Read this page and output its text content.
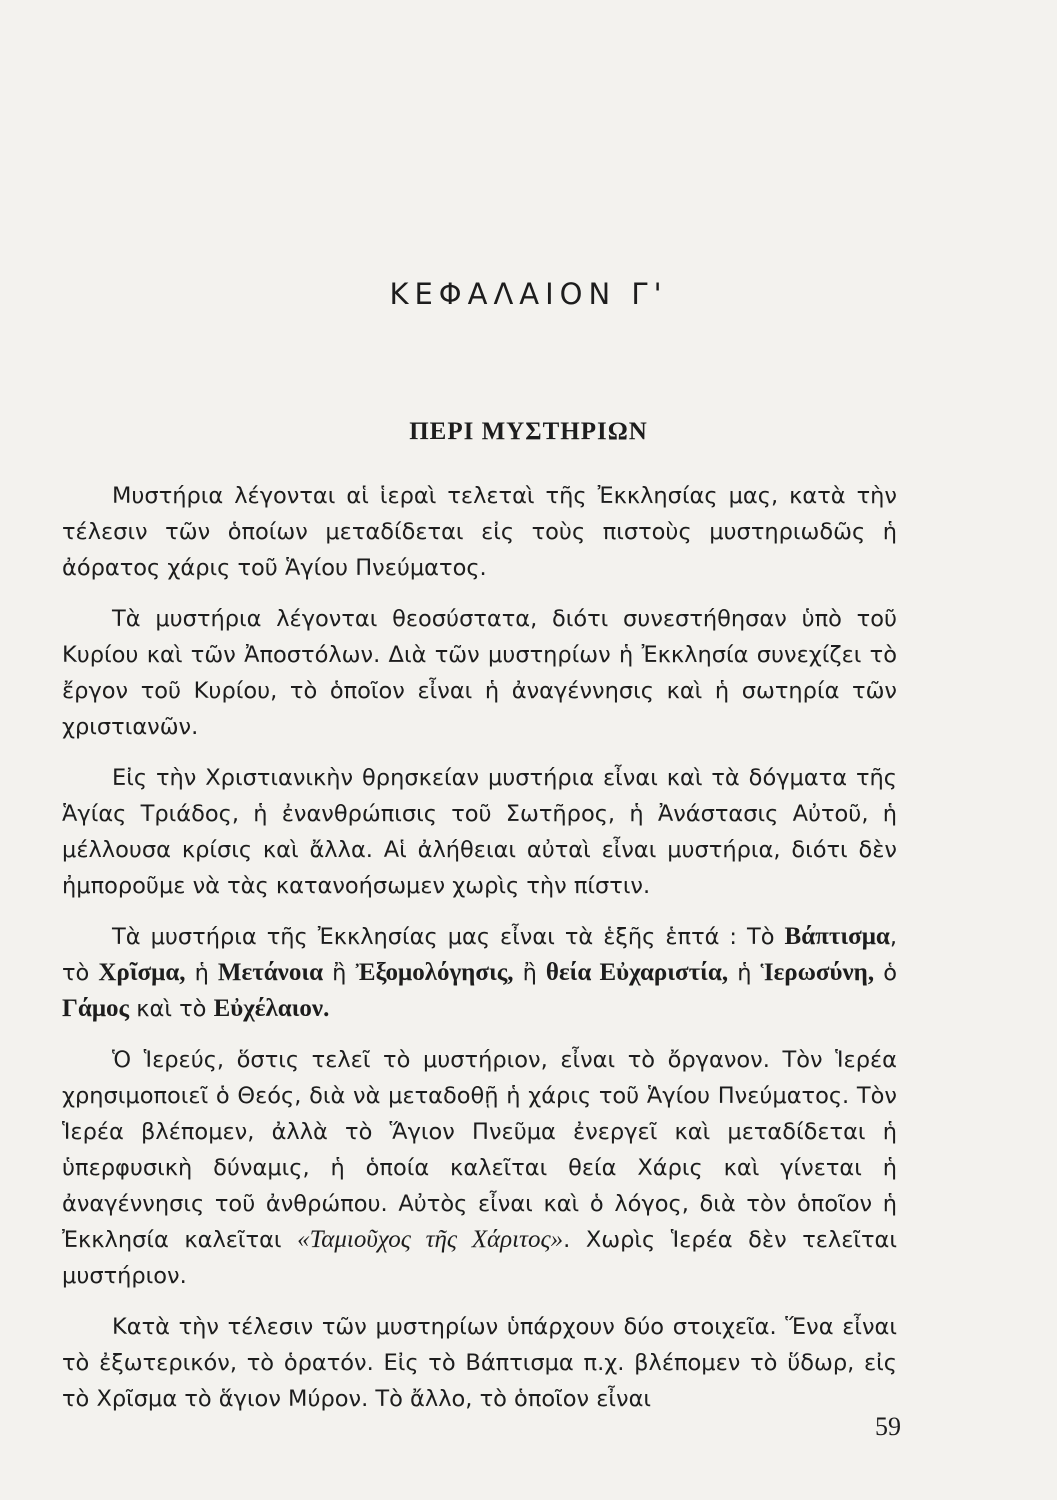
ΚΕΦΑΛΑΙΟΝ Γ'
ΠΕΡΙ ΜΥΣΤΗΡΙΩΝ

Μυστήρια λέγονται αἱ ἱεραὶ τελεταὶ τῆς Ἐκκλησίας μας, κατὰ τὴν τέλεσιν τῶν ὁποίων μεταδίδεται εἰς τοὺς πιστοὺς μυστηριωδῶς ἡ ἀόρατος χάρις τοῦ Ἁγίου Πνεύματος.

Τὰ μυστήρια λέγονται θεοσύστατα, διότι συνεστήθησαν ὑπὸ τοῦ Κυρίου καὶ τῶν Ἀποστόλων. Διὰ τῶν μυστηρίων ἡ Ἐκκλησία συνεχίζει τὸ ἔργον τοῦ Κυρίου, τὸ ὁποῖον εἶναι ἡ ἀναγέννησις καὶ ἡ σωτηρία τῶν χριστιανῶν.

Εἰς τὴν Χριστιανικὴν θρησκείαν μυστήρια εἶναι καὶ τὰ δόγματα τῆς Ἁγίας Τριάδος, ἡ ἐνανθρώπισις τοῦ Σωτῆρος, ἡ Ἀνάστασις Αὐτοῦ, ἡ μέλλουσα κρίσις καὶ ἄλλα. Αἱ ἀλήθειαι αὐταὶ εἶναι μυστήρια, διότι δὲν ἠμποροῦμε νὰ τὰς κατανοήσωμεν χωρὶς τὴν πίστιν.

Τὰ μυστήρια τῆς Ἐκκλησίας μας εἶναι τὰ ἑξῆς ἑπτά : Τὸ Βάπτισμα, τὸ Χρῖσμα, ἡ Μετάνοια ἢ Ἐξομολόγησις, ἢ θεία Εὐχαριστία, ἡ Ἱερωσύνη, ὁ Γάμος καὶ τὸ Εὐχέλαιον.

Ὁ Ἱερεύς, ὅστις τελεῖ τὸ μυστήριον, εἶναι τὸ ὄργανον. Τὸν Ἱερέα χρησιμοποιεῖ ὁ Θεός, διὰ νὰ μεταδοθῇ ἡ χάρις τοῦ Ἁγίου Πνεύματος. Τὸν Ἱερέα βλέπομεν, ἀλλὰ τὸ Ἅγιον Πνεῦμα ἐνεργεῖ καὶ μεταδίδεται ἡ ὑπερφυσικὴ δύναμις, ἡ ὁποία καλεῖται θεία Χάρις καὶ γίνεται ἡ ἀναγέννησις τοῦ ἀνθρώπου. Αὐτὸς εἶναι καὶ ὁ λόγος, διὰ τὸν ὁποῖον ἡ Ἐκκλησία καλεῖται «Ταμιοῦχος τῆς Χάριτος». Χωρὶς Ἱερέα δὲν τελεῖται μυστήριον.

Κατὰ τὴν τέλεσιν τῶν μυστηρίων ὑπάρχουν δύο στοιχεῖα. Ἕνα εἶναι τὸ ἐξωτερικόν, τὸ ὁρατόν. Εἰς τὸ Βάπτισμα π.χ. βλέπομεν τὸ ὕδωρ, εἰς τὸ Χρῖσμα τὸ ἅγιον Μύρον. Τὸ ἄλλο, τὸ ὁποῖον εἶναι

59
